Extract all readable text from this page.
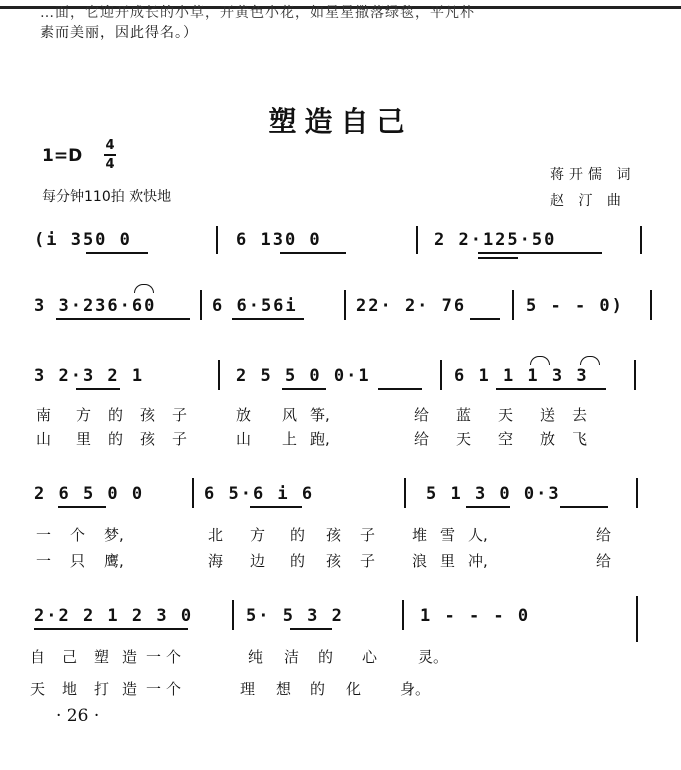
…面，它迎开成长的小草，开黄色小花，如星星撒落绿毯，平凡朴
素而美丽，因此得名。）
塑造自己
1=D
4
4
每分钟110拍 欢快地
蒋开儒 词
赵 汀 曲
(i 350 0	6 130 0	2 2·125·50
3 3·236·60	6 6·56i	22· 2· 76	5 - - 0)
3 2·3 2 1	2 5 5 0 0·1	6 1 1 1 3 3
南 方 的 孩 子	放 风 筝,	给 蓝 天 送 去
山 里 的 孩 子	山 上 跑,	给 天 空 放 飞
2 6 5 0 0	6 5·6 i 6	5 1 3 0 0·3
一 个 梦,	北 方 的 孩 子 堆 雪 人,	给
一 只 鹰,	海 边 的 孩 子 浪 里 冲,	给
2·2 2 1 2 3 0	5· 5 3 2	1 - - - 0
自 己 塑 造 一 个	纯 洁 的 心	灵。
天 地 打 造 一 个	理 想 的 化	身。
· 26 ·
